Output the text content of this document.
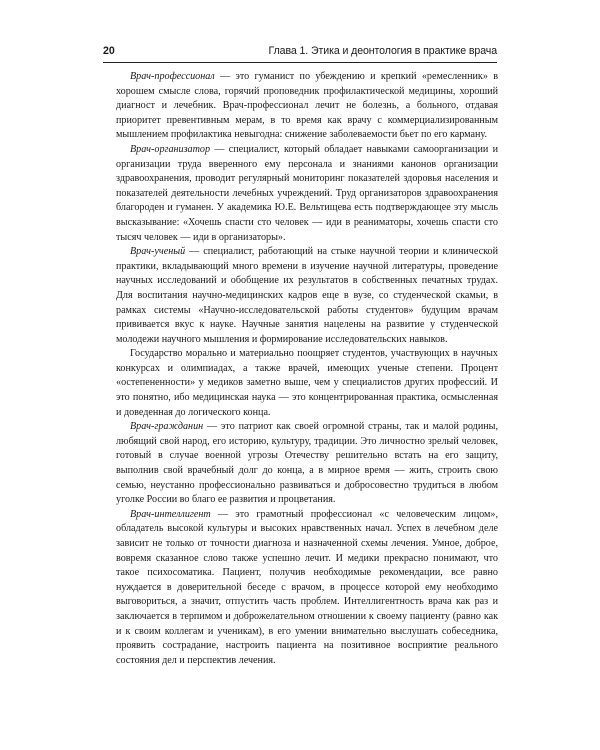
20	Глава 1. Этика и деонтология в практике врача

Врач-профессионал — это гуманист по убеждению и крепкий «ремесленник» в хорошем смысле слова, горячий проповедник профилактической медицины, хороший диагност и лечебник. Врач-профессионал лечит не болезнь, а больного, отдавая приоритет превентивным мерам, в то время как врачу с коммерциализированным мышлением профилактика невыгодна: снижение заболеваемости бьет по его карману.

Врач-организатор — специалист, который обладает навыками самоорганизации и организации труда вверенного ему персонала и знаниями канонов организации здравоохранения, проводит регулярный мониторинг показателей здоровья населения и показателей деятельности лечебных учреждений. Труд организаторов здравоохранения благороден и гуманен. У академика Ю.Е. Вельтищева есть подтверждающее эту мысль высказывание: «Хочешь спасти сто человек — иди в реаниматоры, хочешь спасти сто тысяч человек — иди в организаторы».

Врач-ученый — специалист, работающий на стыке научной теории и клинической практики, вкладывающий много времени в изучение научной литературы, проведение научных исследований и обобщение их результатов в собственных печатных трудах. Для воспитания научно-медицинских кадров еще в вузе, со студенческой скамьи, в рамках системы «Научно-исследовательской работы студентов» будущим врачам прививается вкус к науке. Научные занятия нацелены на развитие у студенческой молодежи научного мышления и формирование исследовательских навыков.

Государство морально и материально поощряет студентов, участвующих в научных конкурсах и олимпиадах, а также врачей, имеющих ученые степени. Процент «остепененности» у медиков заметно выше, чем у специалистов других профессий. И это понятно, ибо медицинская наука — это концентрированная практика, осмысленная и доведенная до логического конца.

Врач-гражданин — это патриот как своей огромной страны, так и малой родины, любящий свой народ, его историю, культуру, традиции. Это личностно зрелый человек, готовый в случае военной угрозы Отечеству решительно встать на его защиту, выполнив свой врачебный долг до конца, а в мирное время — жить, строить свою семью, неустанно профессионально развиваться и добросовестно трудиться в любом уголке России во благо ее развития и процветания.

Врач-интеллигент — это грамотный профессионал «с человеческим лицом», обладатель высокой культуры и высоких нравственных начал. Успех в лечебном деле зависит не только от точности диагноза и назначенной схемы лечения. Умное, доброе, вовремя сказанное слово также успешно лечит. И медики прекрасно понимают, что такое психосоматика. Пациент, получив необходимые рекомендации, все равно нуждается в доверительной беседе с врачом, в процессе которой ему необходимо выговориться, а значит, отпустить часть проблем. Интеллигентность врача как раз и заключается в терпимом и доброжелательном отношении к своему пациенту (равно как и к своим коллегам и ученикам), в его умении внимательно выслушать собеседника, проявить сострадание, настроить пациента на позитивное восприятие реального состояния дел и перспектив лечения.
